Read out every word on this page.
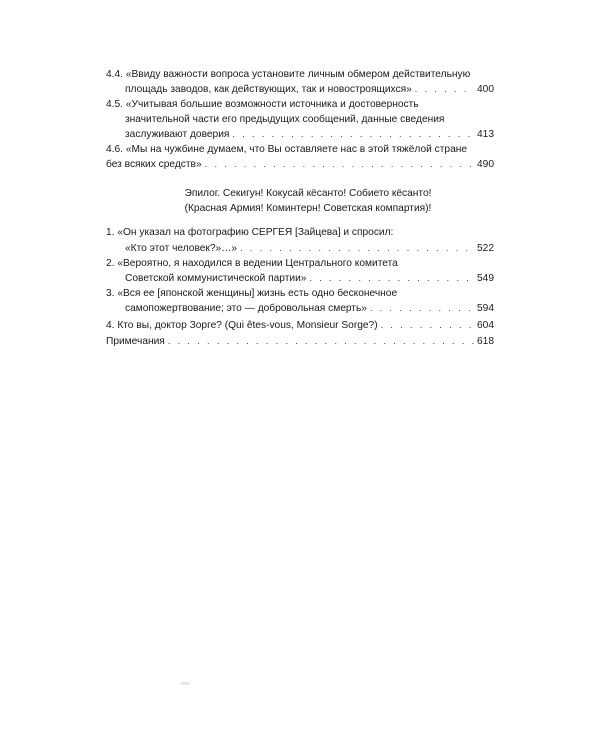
4.4. «Ввиду важности вопроса установите личным обмером действительную
площадь заводов, как действующих, так и новостроящихся» . . .	400
4.5. «Учитывая большие возможности источника и достоверность
значительной части его предыдущих сообщений, данные сведения
заслуживают доверия . . .	413
4.6. «Мы на чужбине думаем, что Вы оставляете нас в этой тяжёлой стране
без всяких средств» . . .	490
Эпилог. Секигун! Кокусай кёсанто! Собието кёсанто!
(Красная Армия! Коминтерн! Советская компартия)!
1. «Он указал на фотографию СЕРГЕЯ [Зайцева] и спросил:
«Кто этот человек?»…» . . .	522
2. «Вероятно, я находился в ведении Центрального комитета
Советской коммунистической партии» . . .	549
3. «Вся ее [японской женщины] жизнь есть одно бесконечное
самопожертвование; это — добровольная смерть» . . .	594
4. Кто вы, доктор Зорге? (Qui êtes-vous, Monsieur Sorge?) . . .	604
Примечания . . .	618
